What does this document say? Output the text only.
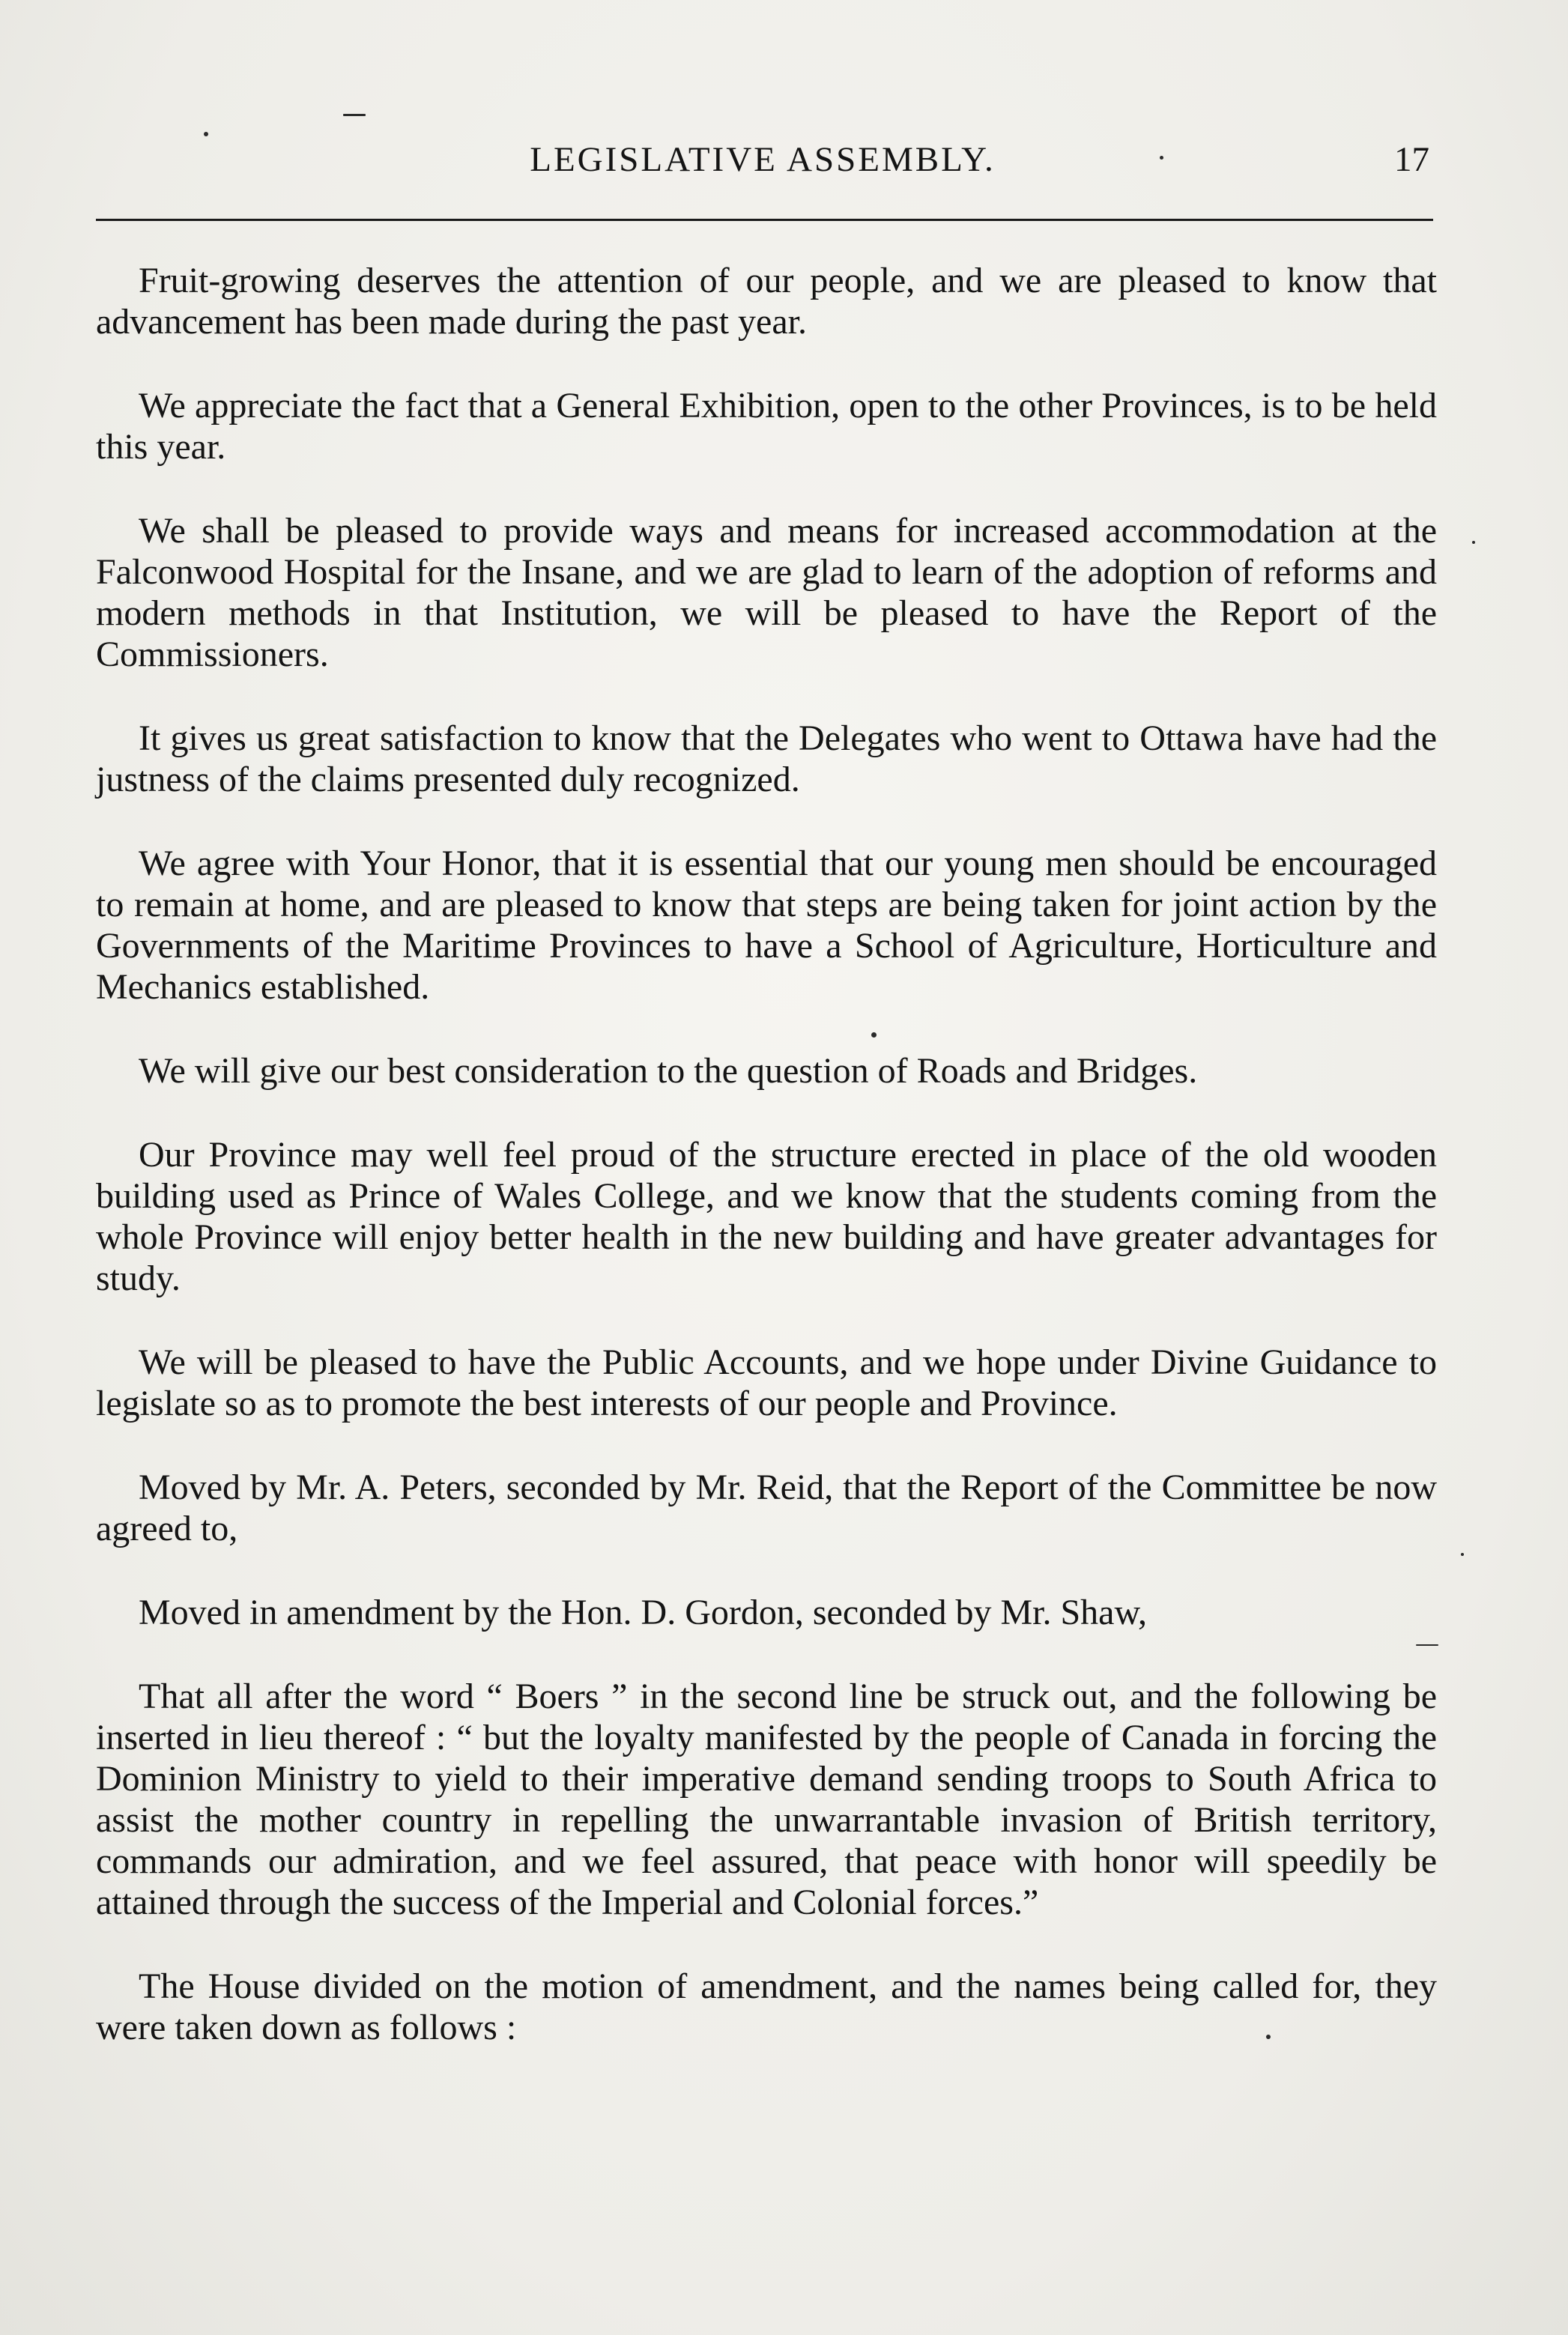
LEGISLATIVE ASSEMBLY.	17

Fruit-growing deserves the attention of our people, and we are pleased to know that advancement has been made during the past year.

We appreciate the fact that a General Exhibition, open to the other Provinces, is to be held this year.

We shall be pleased to provide ways and means for increased accommodation at the Falconwood Hospital for the Insane, and we are glad to learn of the adoption of reforms and modern methods in that Institution, we will be pleased to have the Report of the Commissioners.

It gives us great satisfaction to know that the Delegates who went to Ottawa have had the justness of the claims presented duly recognized.

We agree with Your Honor, that it is essential that our young men should be encouraged to remain at home, and are pleased to know that steps are being taken for joint action by the Governments of the Maritime Provinces to have a School of Agriculture, Horticulture and Mechanics established.

We will give our best consideration to the question of Roads and Bridges.

Our Province may well feel proud of the structure erected in place of the old wooden building used as Prince of Wales College, and we know that the students coming from the whole Province will enjoy better health in the new building and have greater advantages for study.

We will be pleased to have the Public Accounts, and we hope under Divine Guidance to legislate so as to promote the best interests of our people and Province.

Moved by Mr. A. Peters, seconded by Mr. Reid, that the Report of the Committee be now agreed to,

Moved in amendment by the Hon. D. Gordon, seconded by Mr. Shaw,

That all after the word “ Boers ” in the second line be struck out, and the following be inserted in lieu thereof : “ but the loyalty manifested by the people of Canada in forcing the Dominion Ministry to yield to their imperative demand sending troops to South Africa to assist the mother country in repelling the unwarrantable invasion of British territory, commands our admiration, and we feel assured, that peace with honor will speedily be attained through the success of the Imperial and Colonial forces.”

The House divided on the motion of amendment, and the names being called for, they were taken down as follows :
